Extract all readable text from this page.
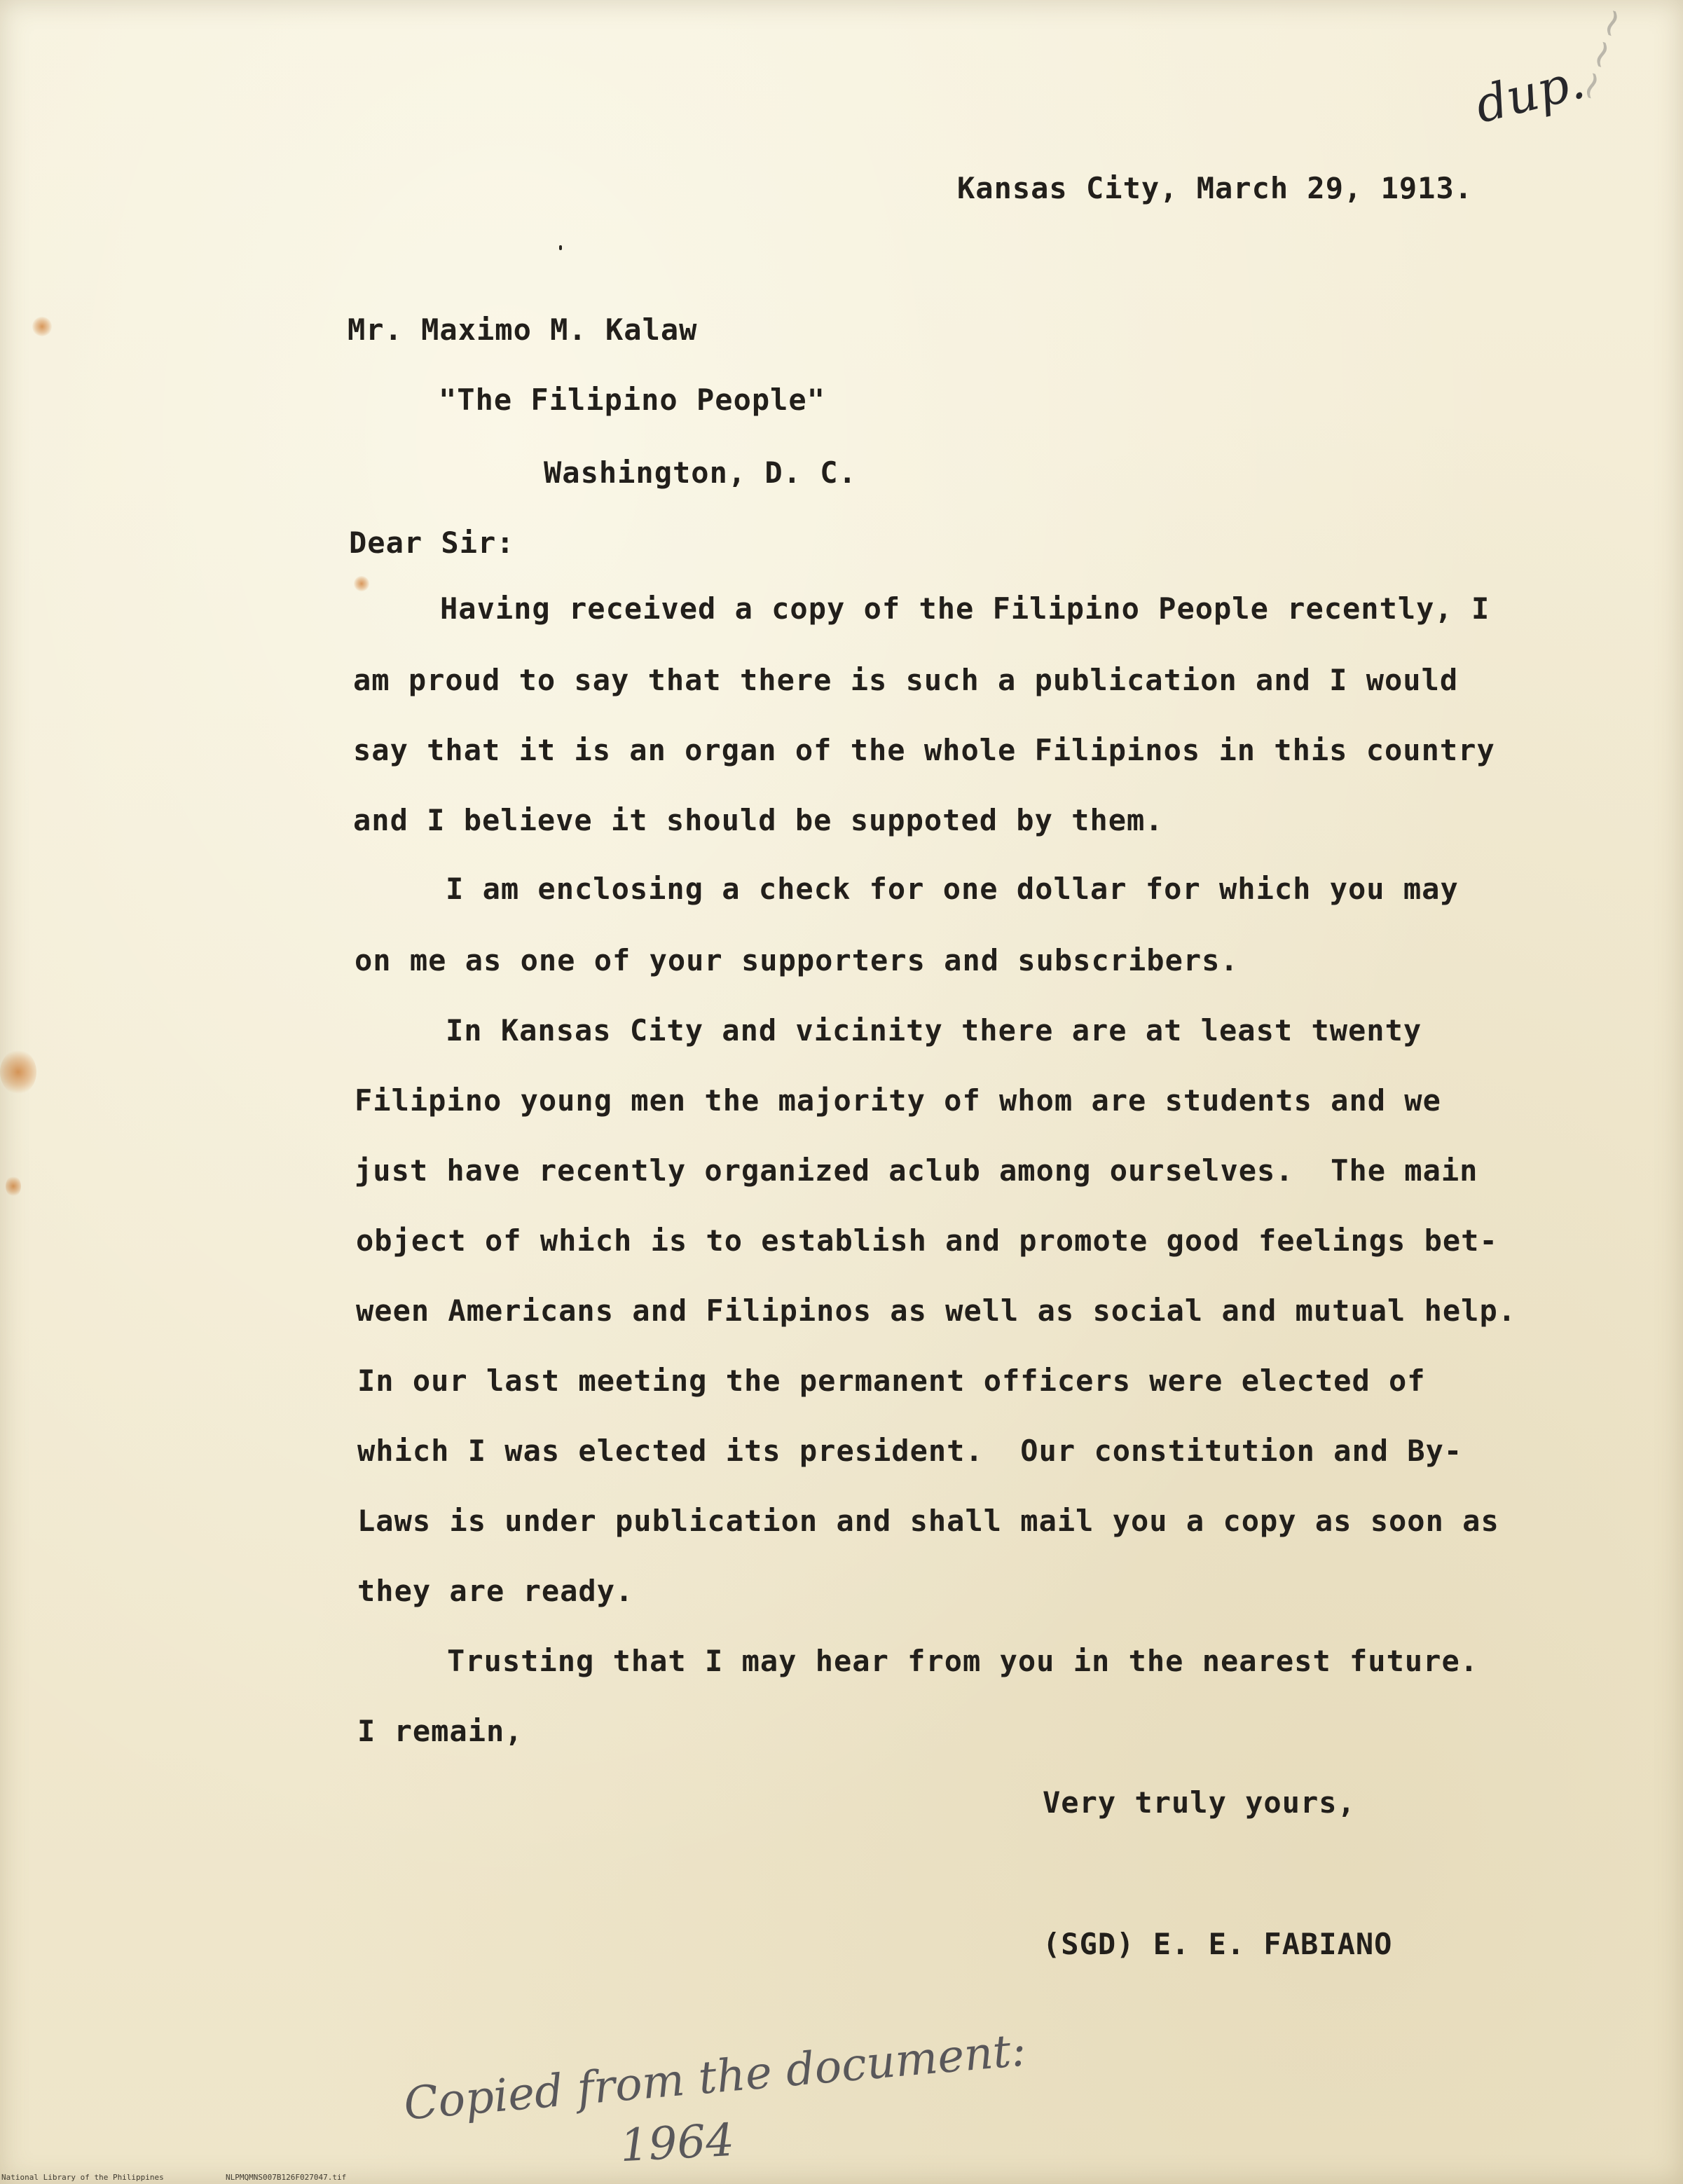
~~~
dup.
Kansas City, March 29, 1913.
Mr. Maximo M. Kalaw
"The Filipino People"
Washington, D. C.
Dear Sir:
Having received a copy of the Filipino People recently, I
am proud to say that there is such a publication and I would
say that it is an organ of the whole Filipinos in this country
and I believe it should be suppoted by them.
I am enclosing a check for one dollar for which you may
on me as one of your supporters and subscribers.
In Kansas City and vicinity there are at least twenty
Filipino young men the majority of whom are students and we
just have recently organized aclub among ourselves.  The main
object of which is to establish and promote good feelings bet-
ween Americans and Filipinos as well as social and mutual help.
In our last meeting the permanent officers were elected of
which I was elected its president.  Our constitution and By-
Laws is under publication and shall mail you a copy as soon as
they are ready.
Trusting that I may hear from you in the nearest future.
I remain,
Very truly yours,
(SGD) E. E. FABIANO
Copied from the document:
1964
National Library of the Philippines	NLPMQMNS007B126F027047.tif
